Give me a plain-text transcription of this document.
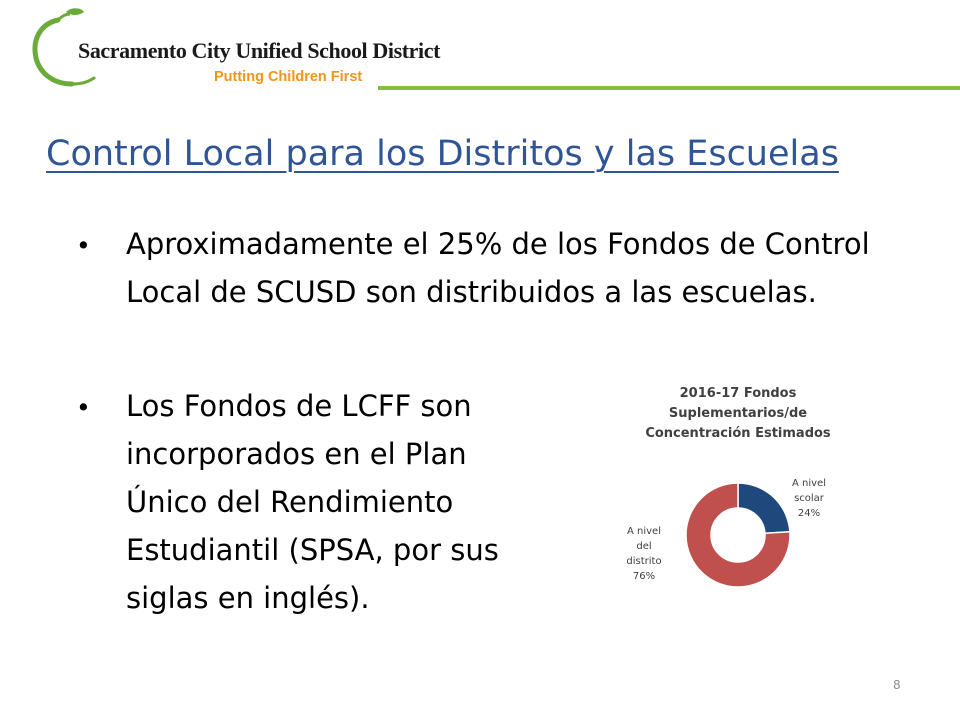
Sacramento City Unified School District
Putting Children First
Control Local para los Distritos y las Escuelas
• Aproximadamente el 25% de los Fondos de Control Local de SCUSD son distribuidos a las escuelas.
• Los Fondos de LCFF son incorporados en el Plan Único del Rendimiento Estudiantil (SPSA, por sus siglas en inglés).
2016-17 Fondos
Suplementarios/de
Concentración Estimados
A nivel
scolar
24%
A nivel
del
distrito
76%
8
